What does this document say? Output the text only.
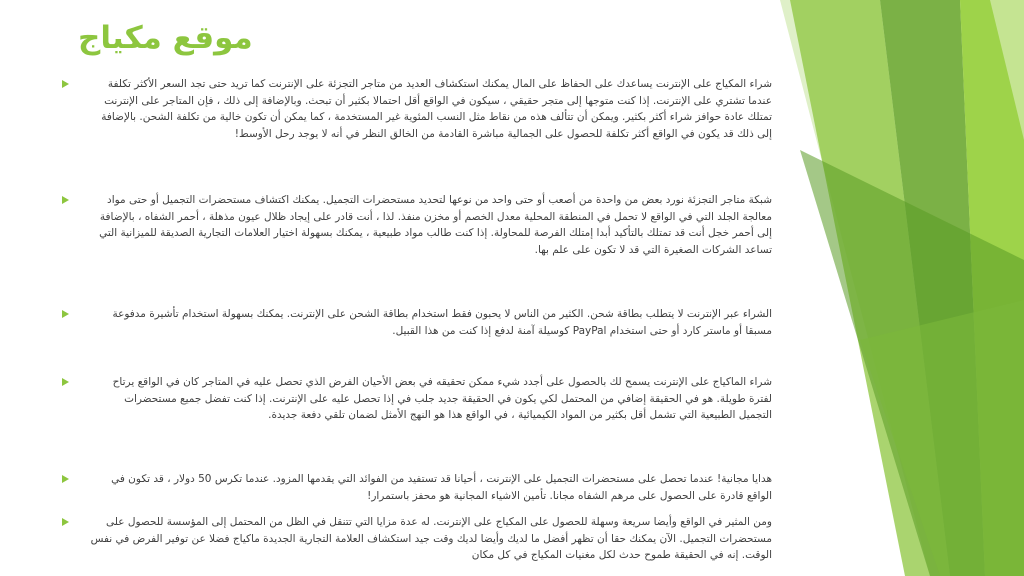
موقع مكياج

شراء المكياج على الإنترنت يساعدك على الحفاظ على المال يمكنك استكشاف العديد من متاجر التجزئة على الإنترنت كما تريد حتى تجد السعر الأكثر تكلفة عندما تشتري على الإنترنت. إذا كنت متوجها إلى متجر حقيقي ، سيكون في الواقع أقل احتمالا بكثير أن تبحث. وبالإضافة إلى ذلك ، فإن المتاجر على الإنترنت تمتلك عادة حوافز شراء أكثر بكثير. ويمكن أن تتألف هذه من نقاط مثل النسب المئوية غير المستخدمة ، كما يمكن أن تكون خالية من تكلفة الشحن. بالإضافة إلى ذلك قد يكون في الواقع أكثر تكلفة للحصول على الجمالية مباشرة القادمة من الخالق النظر في أنه لا يوجد رحل الأوسط!

شبكة متاجر التجزئة نورد بعض من واحدة من أصعب أو حتى واحد من نوعها لتحديد مستحضرات التجميل. يمكنك اكتشاف مستحضرات التجميل أو حتى مواد معالجة الجلد التي في الواقع لا تحمل في المنطقة المحلية معدل الخصم أو مخزن منفذ. لذا ، أنت قادر على إيجاد ظلال عيون مذهلة ، أحمر الشفاه ، بالإضافة إلى أحمر خجل أنت قد تمتلك بالتأكيد أبدا إمتلك الفرصة للمحاولة. إذا كنت طالب مواد طبيعية ، يمكنك بسهولة اختيار العلامات التجارية الصديقة للميزانية التي تساعد الشركات الصغيرة التي قد لا تكون على علم بها.

الشراء عبر الإنترنت لا يتطلب بطاقة شحن. الكثير من الناس لا يحبون فقط استخدام بطاقة الشحن على الإنترنت. يمكنك بسهولة استخدام تأشيرة مدفوعة مسبقا أو ماستر كارد أو حتى استخدام PayPal كوسيلة آمنة لدفع إذا كنت من هذا القبيل.

شراء الماكياج على الإنترنت يسمح لك بالحصول على أجدد شيء ممكن تحقيقه في بعض الأحيان الفرض الذي تحصل عليه في المتاجر كان في الواقع يرتاح لفترة طويلة. هو في الحقيقة إضافي من المحتمل لكي يكون في الحقيقة جديد جلب في إذا تحصل عليه على الإنترنت. إذا كنت تفضل جميع مستحضرات التجميل الطبيعية التي تشمل أقل بكثير من المواد الكيميائية ، في الواقع هذا هو النهج الأمثل لضمان تلقي دفعة جديدة.

هدايا مجانية! عندما تحصل على مستحضرات التجميل على الإنترنت ، أحيانا قد تستفيد من الفوائد التي يقدمها المزود. عندما تكرس 50 دولار ، قد تكون في الواقع قادرة على الحصول على مرهم الشفاه مجانا. تأمين الاشياء المجانية هو محفز باستمرار!

ومن المثير في الواقع وأيضا سريعة وسهلة للحصول على المكياج على الإنترنت. له عدة مزايا التي تتنقل في الظل من المحتمل إلى المؤسسة للحصول على مستحضرات التجميل. الآن يمكنك حقا أن تظهر أفضل ما لديك وأيضا لديك وقت جيد استكشاف العلامة التجارية الجديدة ماكياج فضلا عن توفير الفرض في نفس الوقت. إنه في الحقيقة طموح حدث لكل مغنيات المكياج في كل مكان
